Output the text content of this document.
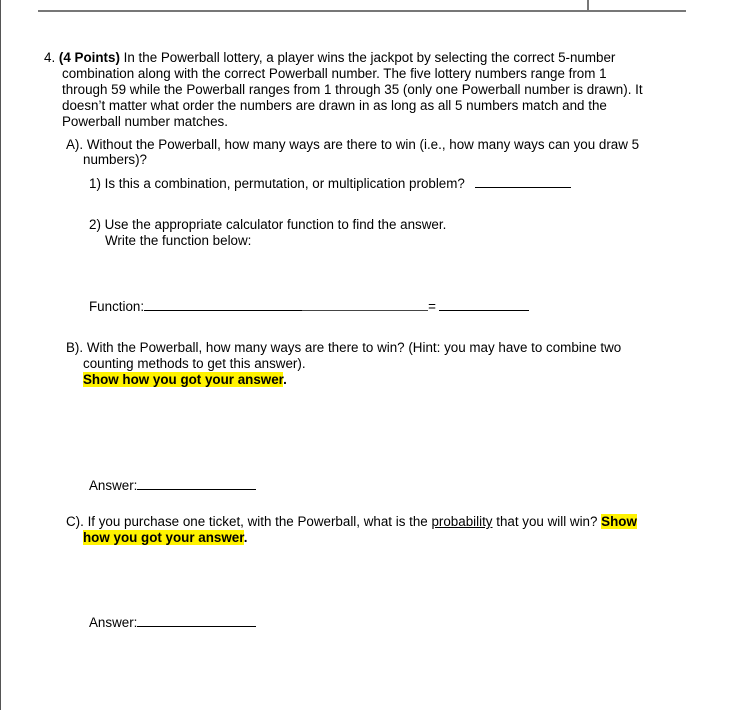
4. (4 Points) In the Powerball lottery, a player wins the jackpot by selecting the correct 5-number
combination along with the correct Powerball number. The five lottery numbers range from 1
through 59 while the Powerball ranges from 1 through 35 (only one Powerball number is drawn). It
doesn’t matter what order the numbers are drawn in as long as all 5 numbers match and the
Powerball number matches.
A). Without the Powerball, how many ways are there to win (i.e., how many ways can you draw 5
numbers)?
1) Is this a combination, permutation, or multiplication problem?
2) Use the appropriate calculator function to find the answer.
Write the function below:
Function:	=
B). With the Powerball, how many ways are there to win? (Hint: you may have to combine two
counting methods to get this answer).
Show how you got your answer.
Answer:
C). If you purchase one ticket, with the Powerball, what is the probability that you will win? Show
how you got your answer.
Answer:
